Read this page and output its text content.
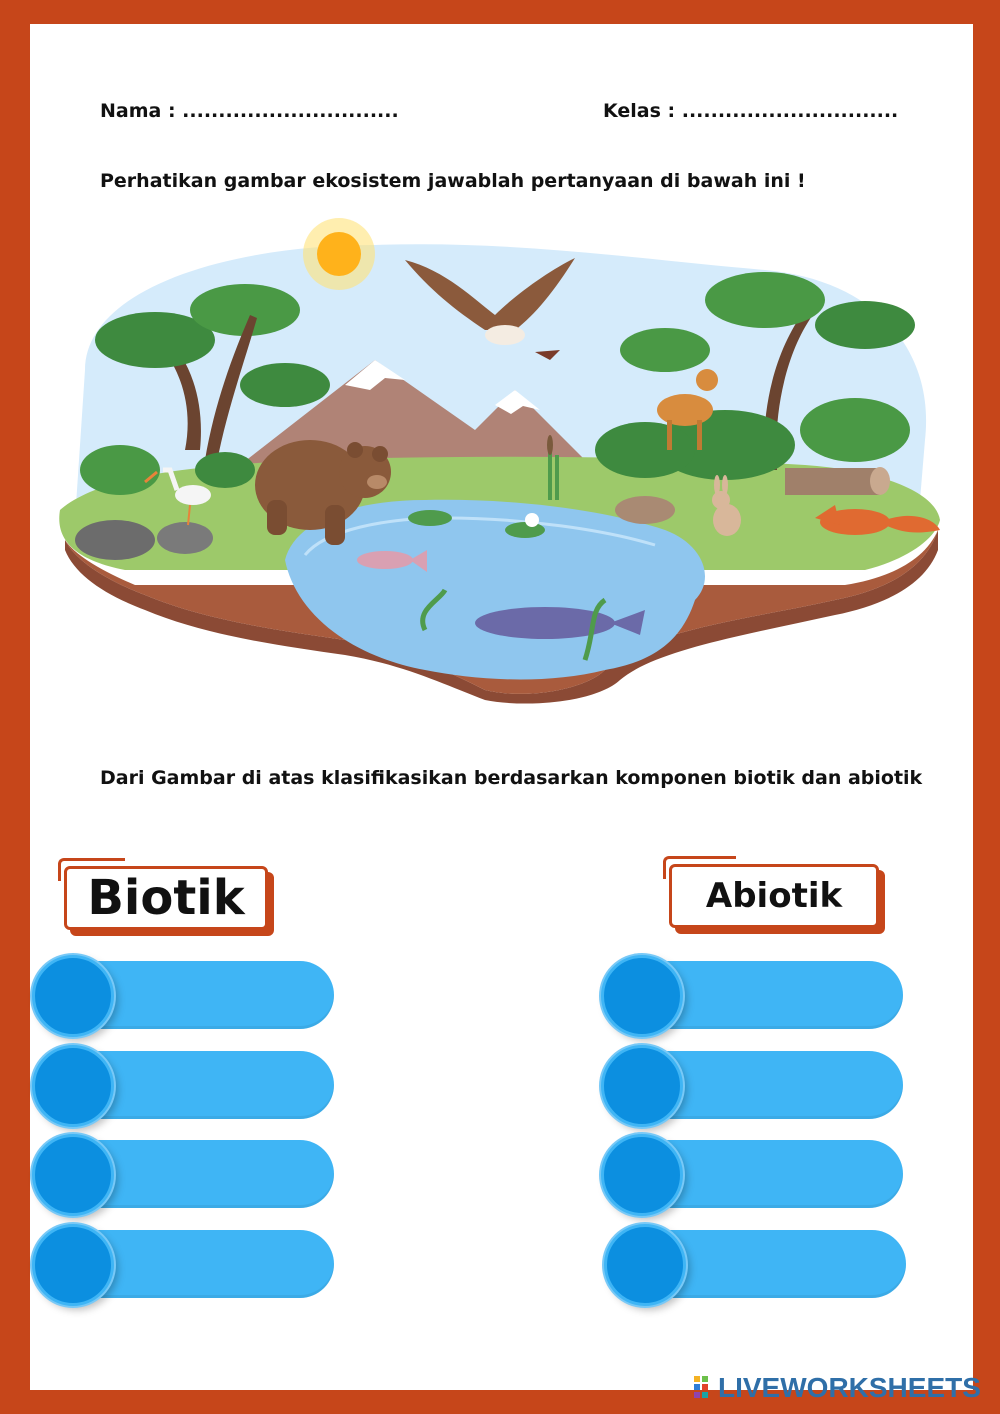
Nama : ..............................	Kelas : ..............................
Perhatikan gambar ekosistem jawablah pertanyaan di bawah ini !
Dari Gambar di atas klasifikasikan berdasarkan komponen biotik dan abiotik
Biotik	Abiotik
LIVEWORKSHEETS
